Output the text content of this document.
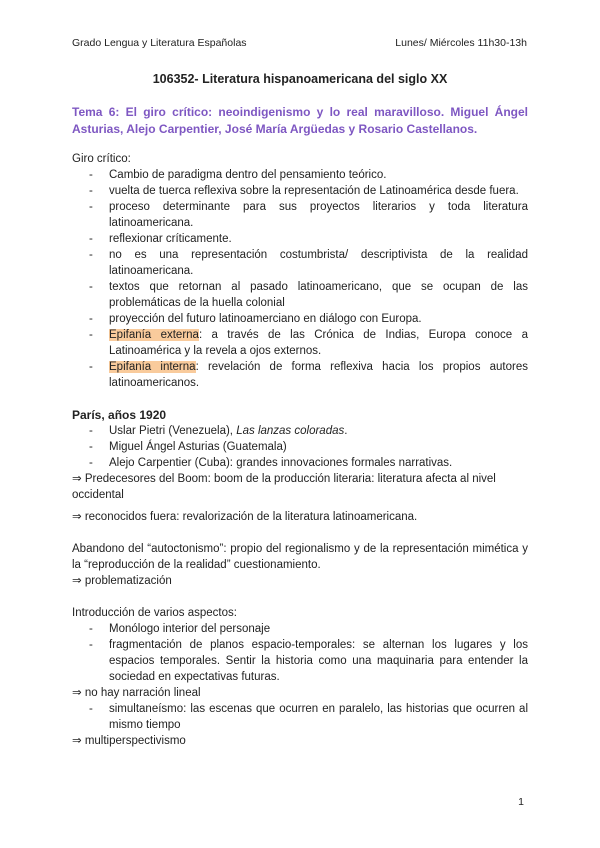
Grado Lengua y Literatura Españolas	Lunes/ Miércoles 11h30-13h
106352- Literatura hispanoamericana del siglo XX

Tema 6: El giro crítico: neoindigenismo y lo real maravilloso. Miguel Ángel Asturias, Alejo Carpentier, José María Argüedas y Rosario Castellanos.

Giro crítico:

- Cambio de paradigma dentro del pensamiento teórico.
- vuelta de tuerca reflexiva sobre la representación de Latinoamérica desde fuera.
- proceso determinante para sus proyectos literarios y toda literatura latinoamericana.
- reflexionar críticamente.
- no es una representación costumbrista/ descriptivista de la realidad latinoamericana.
- textos que retornan al pasado latinoamericano, que se ocupan de las problemáticas de la huella colonial
- proyección del futuro latinoamerciano en diálogo con Europa.
- Epifanía externa: a través de las Crónica de Indias, Europa conoce a Latinoamérica y la revela a ojos externos.
- Epifanía interna: revelación de forma reflexiva hacia los propios autores latinoamericanos.

París, años 1920

- Uslar Pietri (Venezuela), Las lanzas coloradas.
- Miguel Ángel Asturias (Guatemala)
- Alejo Carpentier (Cuba): grandes innovaciones formales narrativas.

⇒ Predecesores del Boom: boom de la producción literaria: literatura afecta al nivel occidental

⇒ reconocidos fuera: revalorización de la literatura latinoamericana.

Abandono del “autoctonismo”: propio del regionalismo y de la representación mimética y la “reproducción de la realidad” cuestionamiento.

⇒ problematización

Introducción de varios aspectos:

- Monólogo interior del personaje
- fragmentación de planos espacio-temporales: se alternan los lugares y los espacios temporales. Sentir la historia como una maquinaria para entender la sociedad en expectativas futuras.

⇒ no hay narración lineal

- simultaneísmo: las escenas que ocurren en paralelo, las historias que ocurren al mismo tiempo

⇒ multiperspectivismo

1
